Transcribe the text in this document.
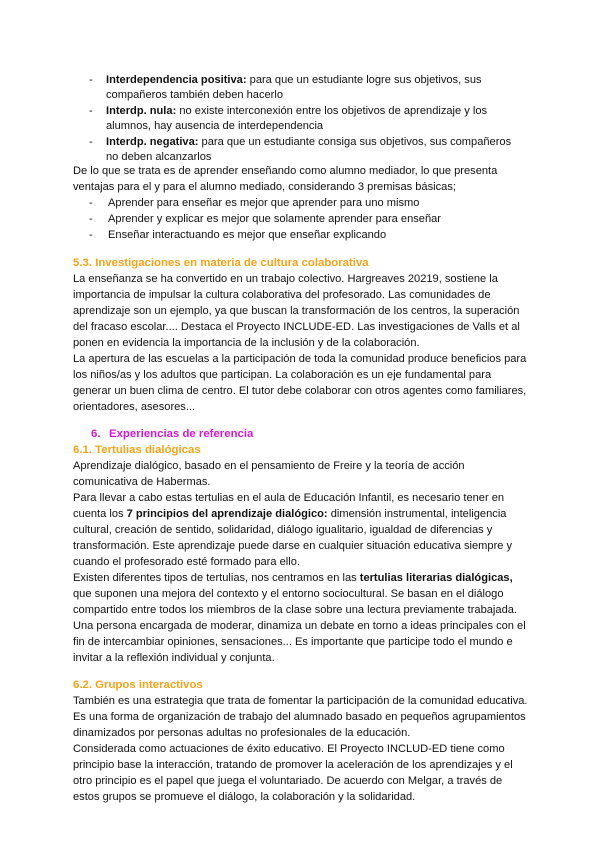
- Interdependencia positiva: para que un estudiante logre sus objetivos, sus
compañeros también deben hacerlo
- Interdp. nula: no existe interconexión entre los objetivos de aprendizaje y los
alumnos, hay ausencia de interdependencia
- Interdp. negativa: para que un estudiante consiga sus objetivos, sus compañeros
no deben alcanzarlos
De lo que se trata es de aprender enseñando como alumno mediador, lo que presenta
ventajas para el y para el alumno mediado, considerando 3 premisas básicas;
- Aprender para enseñar es mejor que aprender para uno mismo
- Aprender y explicar es mejor que solamente aprender para enseñar
- Enseñar interactuando es mejor que enseñar explicando
5.3. Investigaciones en materia de cultura colaborativa
La enseñanza se ha convertido en un trabajo colectivo. Hargreaves 20219, sostiene la
importancia de impulsar la cultura colaborativa del profesorado. Las comunidades de
aprendizaje son un ejemplo, ya que buscan la transformación de los centros, la superación
del fracaso escolar.... Destaca el Proyecto INCLUDE-ED. Las investigaciones de Valls et al
ponen en evidencia la importancia de la inclusión y de la colaboración.
La apertura de las escuelas a la participación de toda la comunidad produce beneficios para
los niños/as y los adultos que participan. La colaboración es un eje fundamental para
generar un buen clima de centro. El tutor debe colaborar con otros agentes como familiares,
orientadores, asesores...
6. Experiencias de referencia
6.1. Tertulias dialógicas
Aprendizaje dialógico, basado en el pensamiento de Freire y la teoría de acción
comunicativa de Habermas.
Para llevar a cabo estas tertulias en el aula de Educación Infantil, es necesario tener en
cuenta los 7 principios del aprendizaje dialógico: dimensión instrumental, inteligencia
cultural, creación de sentido, solidaridad, diálogo igualitario, igualdad de diferencias y
transformación. Este aprendizaje puede darse en cualquier situación educativa siempre y
cuando el profesorado esté formado para ello.
Existen diferentes tipos de tertulias, nos centramos en las tertulias literarias dialógicas,
que suponen una mejora del contexto y el entorno sociocultural. Se basan en el diálogo
compartido entre todos los miembros de la clase sobre una lectura previamente trabajada.
Una persona encargada de moderar, dinamiza un debate en torno a ideas principales con el
fin de intercambiar opiniones, sensaciones... Es importante que participe todo el mundo e
invitar a la reflexión individual y conjunta.
6.2. Grupos interactivos
También es una estrategia que trata de fomentar la participación de la comunidad educativa.
Es una forma de organización de trabajo del alumnado basado en pequeños agrupamientos
dinamizados por personas adultas no profesionales de la educación.
Considerada como actuaciones de éxito educativo. El Proyecto INCLUD-ED tiene como
principio base la interacción, tratando de promover la aceleración de los aprendizajes y el
otro principio es el papel que juega el voluntariado. De acuerdo con Melgar, a través de
estos grupos se promueve el diálogo, la colaboración y la solidaridad.
